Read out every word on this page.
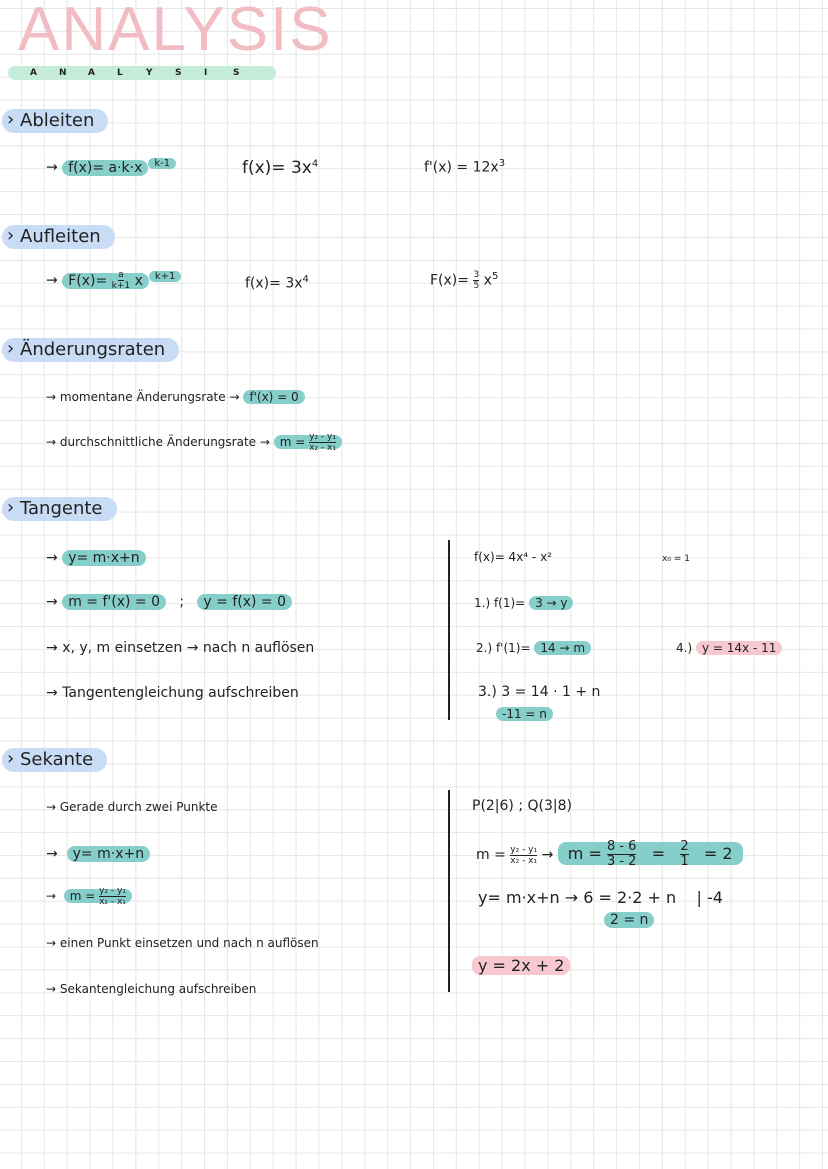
ANALYSIS
A N A L	Y S	I	S
› Ableiten
→ f(x)= a·k·x $^{k-1}$	$f(x)= 3x^4$	$f'(x) = 12x^3$
› Aufleiten
→ $F(x)= \frac{a}{k+1}$ x $^{k+1}$	$f(x)= 3x^4$	$F(x)= \frac{3}{5} x^5$
› Änderungsraten
→ momentane Änderungsrate → f'(x) = 0
→ durchschnittliche Änderungsrate → $m = \frac{\text{y₂ - y₁}}{\text{x₂ - x₁}}$
› Tangente
→ y= m·x+n
→ m = f'(x) = 0 ; y = f(x) = 0
→ x, y, m einsetzen → nach n auflösen
→ Tangentengleichung aufschreiben
f(x)= 4x⁴ - x²	x₀ = 1
1.) f(1)= 3 → y
2.) f'(1)= 14 → m	4.) y = 14x - 11
3.) 3 = 14 · 1 + n
-11 = n
› Sekante
→ Gerade durch zwei Punkte
→  y= m·x+n
→  $m = \frac{\text{y₂ - y₁}}{\text{x₂ - x₁}}$
→ einen Punkt einsetzen und nach n auflösen
→ Sekantengleichung aufschreiben
P(2|6) ; Q(3|8)
$m = \frac{\text{y₂ - y₁}}{\text{x₂ - x₁}} \to m = \frac{8 - 6}{3 - 2} = \frac{2}{1} = 2$
y= m·x+n → 6 = 2·2 + n | -4
2 = n
y = 2x + 2
